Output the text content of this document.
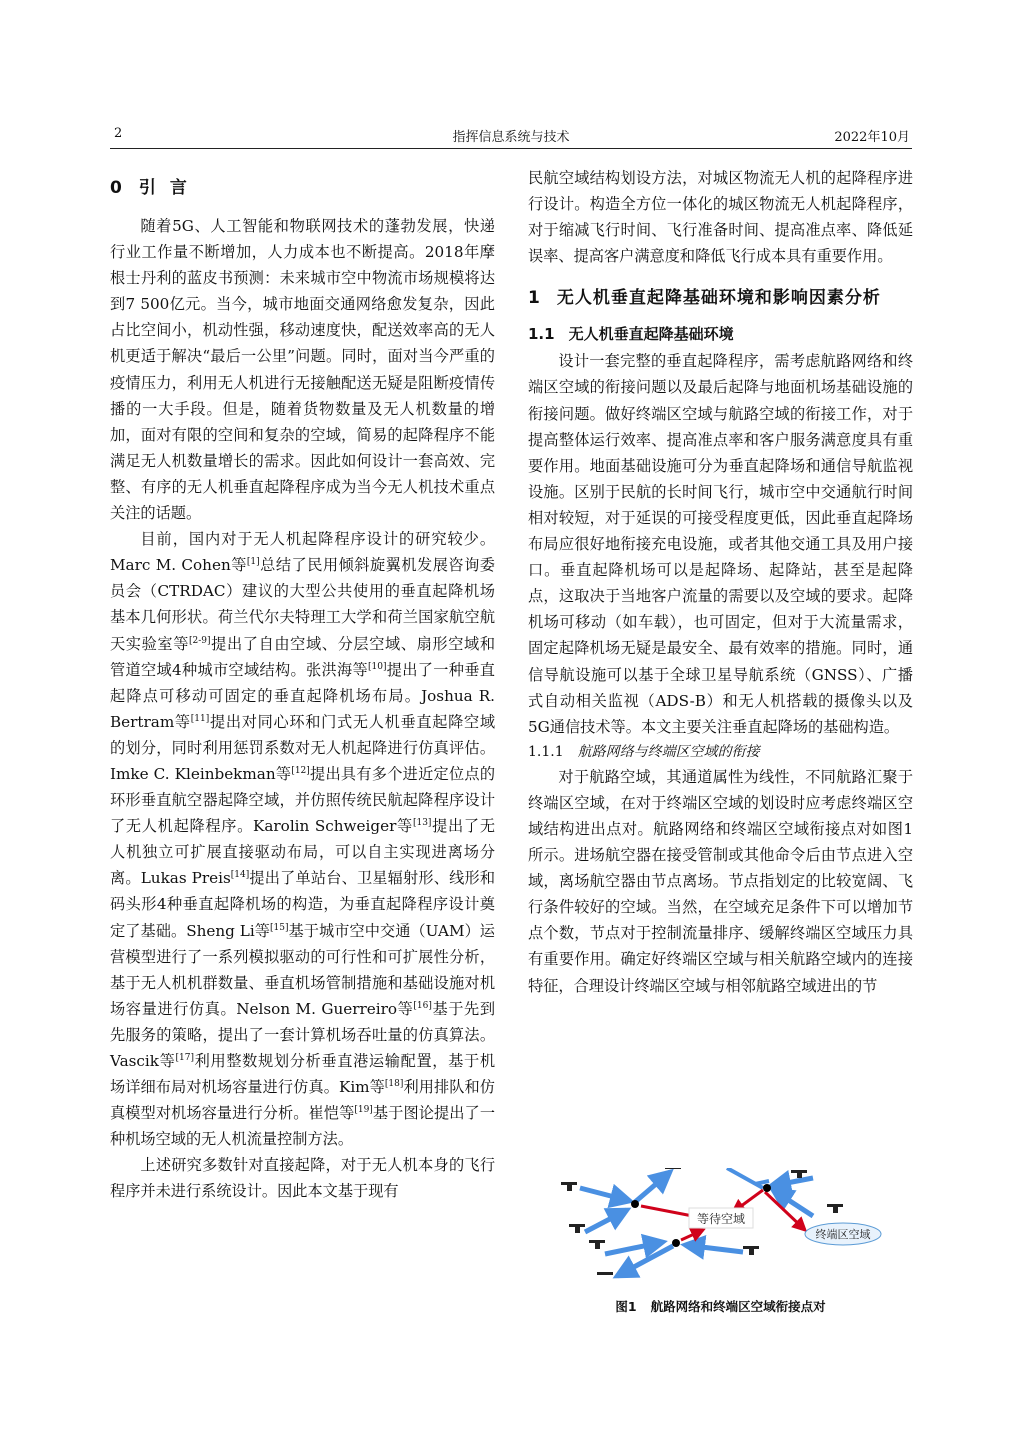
2	指挥信息系统与技术	2022年10月
0 引言

随着5G、人工智能和物联网技术的蓬勃发展，快递行业工作量不断增加，人力成本也不断提高。2018年摩根士丹利的蓝皮书预测：未来城市空中物流市场规模将达到7 500亿元。当今，城市地面交通网络愈发复杂，因此占比空间小，机动性强，移动速度快，配送效率高的无人机更适于解决“最后一公里”问题。同时，面对当今严重的疫情压力，利用无人机进行无接触配送无疑是阻断疫情传播的一大手段。但是，随着货物数量及无人机数量的增加，面对有限的空间和复杂的空域，简易的起降程序不能满足无人机数量增长的需求。因此如何设计一套高效、完整、有序的无人机垂直起降程序成为当今无人机技术重点关注的话题。

目前，国内对于无人机起降程序设计的研究较少。Marc M. Cohen等[1]总结了民用倾斜旋翼机发展咨询委员会（CTRDAC）建议的大型公共使用的垂直起降机场基本几何形状。荷兰代尔夫特理工大学和荷兰国家航空航天实验室等[2-9]提出了自由空域、分层空域、扇形空域和管道空域4种城市空域结构。张洪海等[10]提出了一种垂直起降点可移动可固定的垂直起降机场布局。Joshua R. Bertram等[11]提出对同心环和门式无人机垂直起降空域的划分，同时利用惩罚系数对无人机起降进行仿真评估。Imke C. Kleinbekman等[12]提出具有多个进近定位点的环形垂直航空器起降空域，并仿照传统民航起降程序设计了无人机起降程序。Karolin Schweiger等[13]提出了无人机独立可扩展直接驱动布局，可以自主实现进离场分离。Lukas Preis[14]提出了单站台、卫星辐射形、线形和码头形4种垂直起降机场的构造，为垂直起降程序设计奠定了基础。Sheng Li等[15]基于城市空中交通（UAM）运营模型进行了一系列模拟驱动的可行性和可扩展性分析，基于无人机机群数量、垂直机场管制措施和基础设施对机场容量进行仿真。Nelson M. Guerreiro等[16]基于先到先服务的策略，提出了一套计算机场吞吐量的仿真算法。Vascik等[17]利用整数规划分析垂直港运输配置，基于机场详细布局对机场容量进行仿真。Kim等[18]利用排队和仿真模型对机场容量进行分析。崔恺等[19]基于图论提出了一种机场空域的无人机流量控制方法。

上述研究多数针对直接起降，对于无人机本身的飞行程序并未进行系统设计。因此本文基于现有

民航空域结构划设方法，对城区物流无人机的起降程序进行设计。构造全方位一体化的城区物流无人机起降程序，对于缩减飞行时间、飞行准备时间、提高准点率、降低延误率、提高客户满意度和降低飞行成本具有重要作用。

1 无人机垂直起降基础环境和影响因素分析
1.1 无人机垂直起降基础环境

设计一套完整的垂直起降程序，需考虑航路网络和终端区空域的衔接问题以及最后起降与地面机场基础设施的衔接问题。做好终端区空域与航路空域的衔接工作，对于提高整体运行效率、提高准点率和客户服务满意度具有重要作用。地面基础设施可分为垂直起降场和通信导航监视设施。区别于民航的长时间飞行，城市空中交通航行时间相对较短，对于延误的可接受程度更低，因此垂直起降场布局应很好地衔接充电设施，或者其他交通工具及用户接口。垂直起降机场可以是起降场、起降站，甚至是起降点，这取决于当地客户流量的需要以及空域的要求。起降机场可移动（如车载），也可固定，但对于大流量需求，固定起降机场无疑是最安全、最有效率的措施。同时，通信导航设施可以基于全球卫星导航系统（GNSS）、广播式自动相关监视（ADS-B）和无人机搭载的摄像头以及5G通信技术等。本文主要关注垂直起降场的基础构造。

1.1.1 航路网络与终端区空域的衔接

对于航路空域，其通道属性为线性，不同航路汇聚于终端区空域，在对于终端区空域的划设时应考虑终端区空域结构进出点对。航路网络和终端区空域衔接点对如图1所示。进场航空器在接受管制或其他命令后由节点进入空域，离场航空器由节点离场。节点指划定的比较宽阔、飞行条件较好的空域。当然，在空域充足条件下可以增加节点个数，节点对于控制流量排序、缓解终端区空域压力具有重要作用。确定好终端区空域与相关航路空域内的连接特征，合理设计终端区空域与相邻航路空域进出的节

等待空域
终端区空域
图1 航路网络和终端区空域衔接点对
